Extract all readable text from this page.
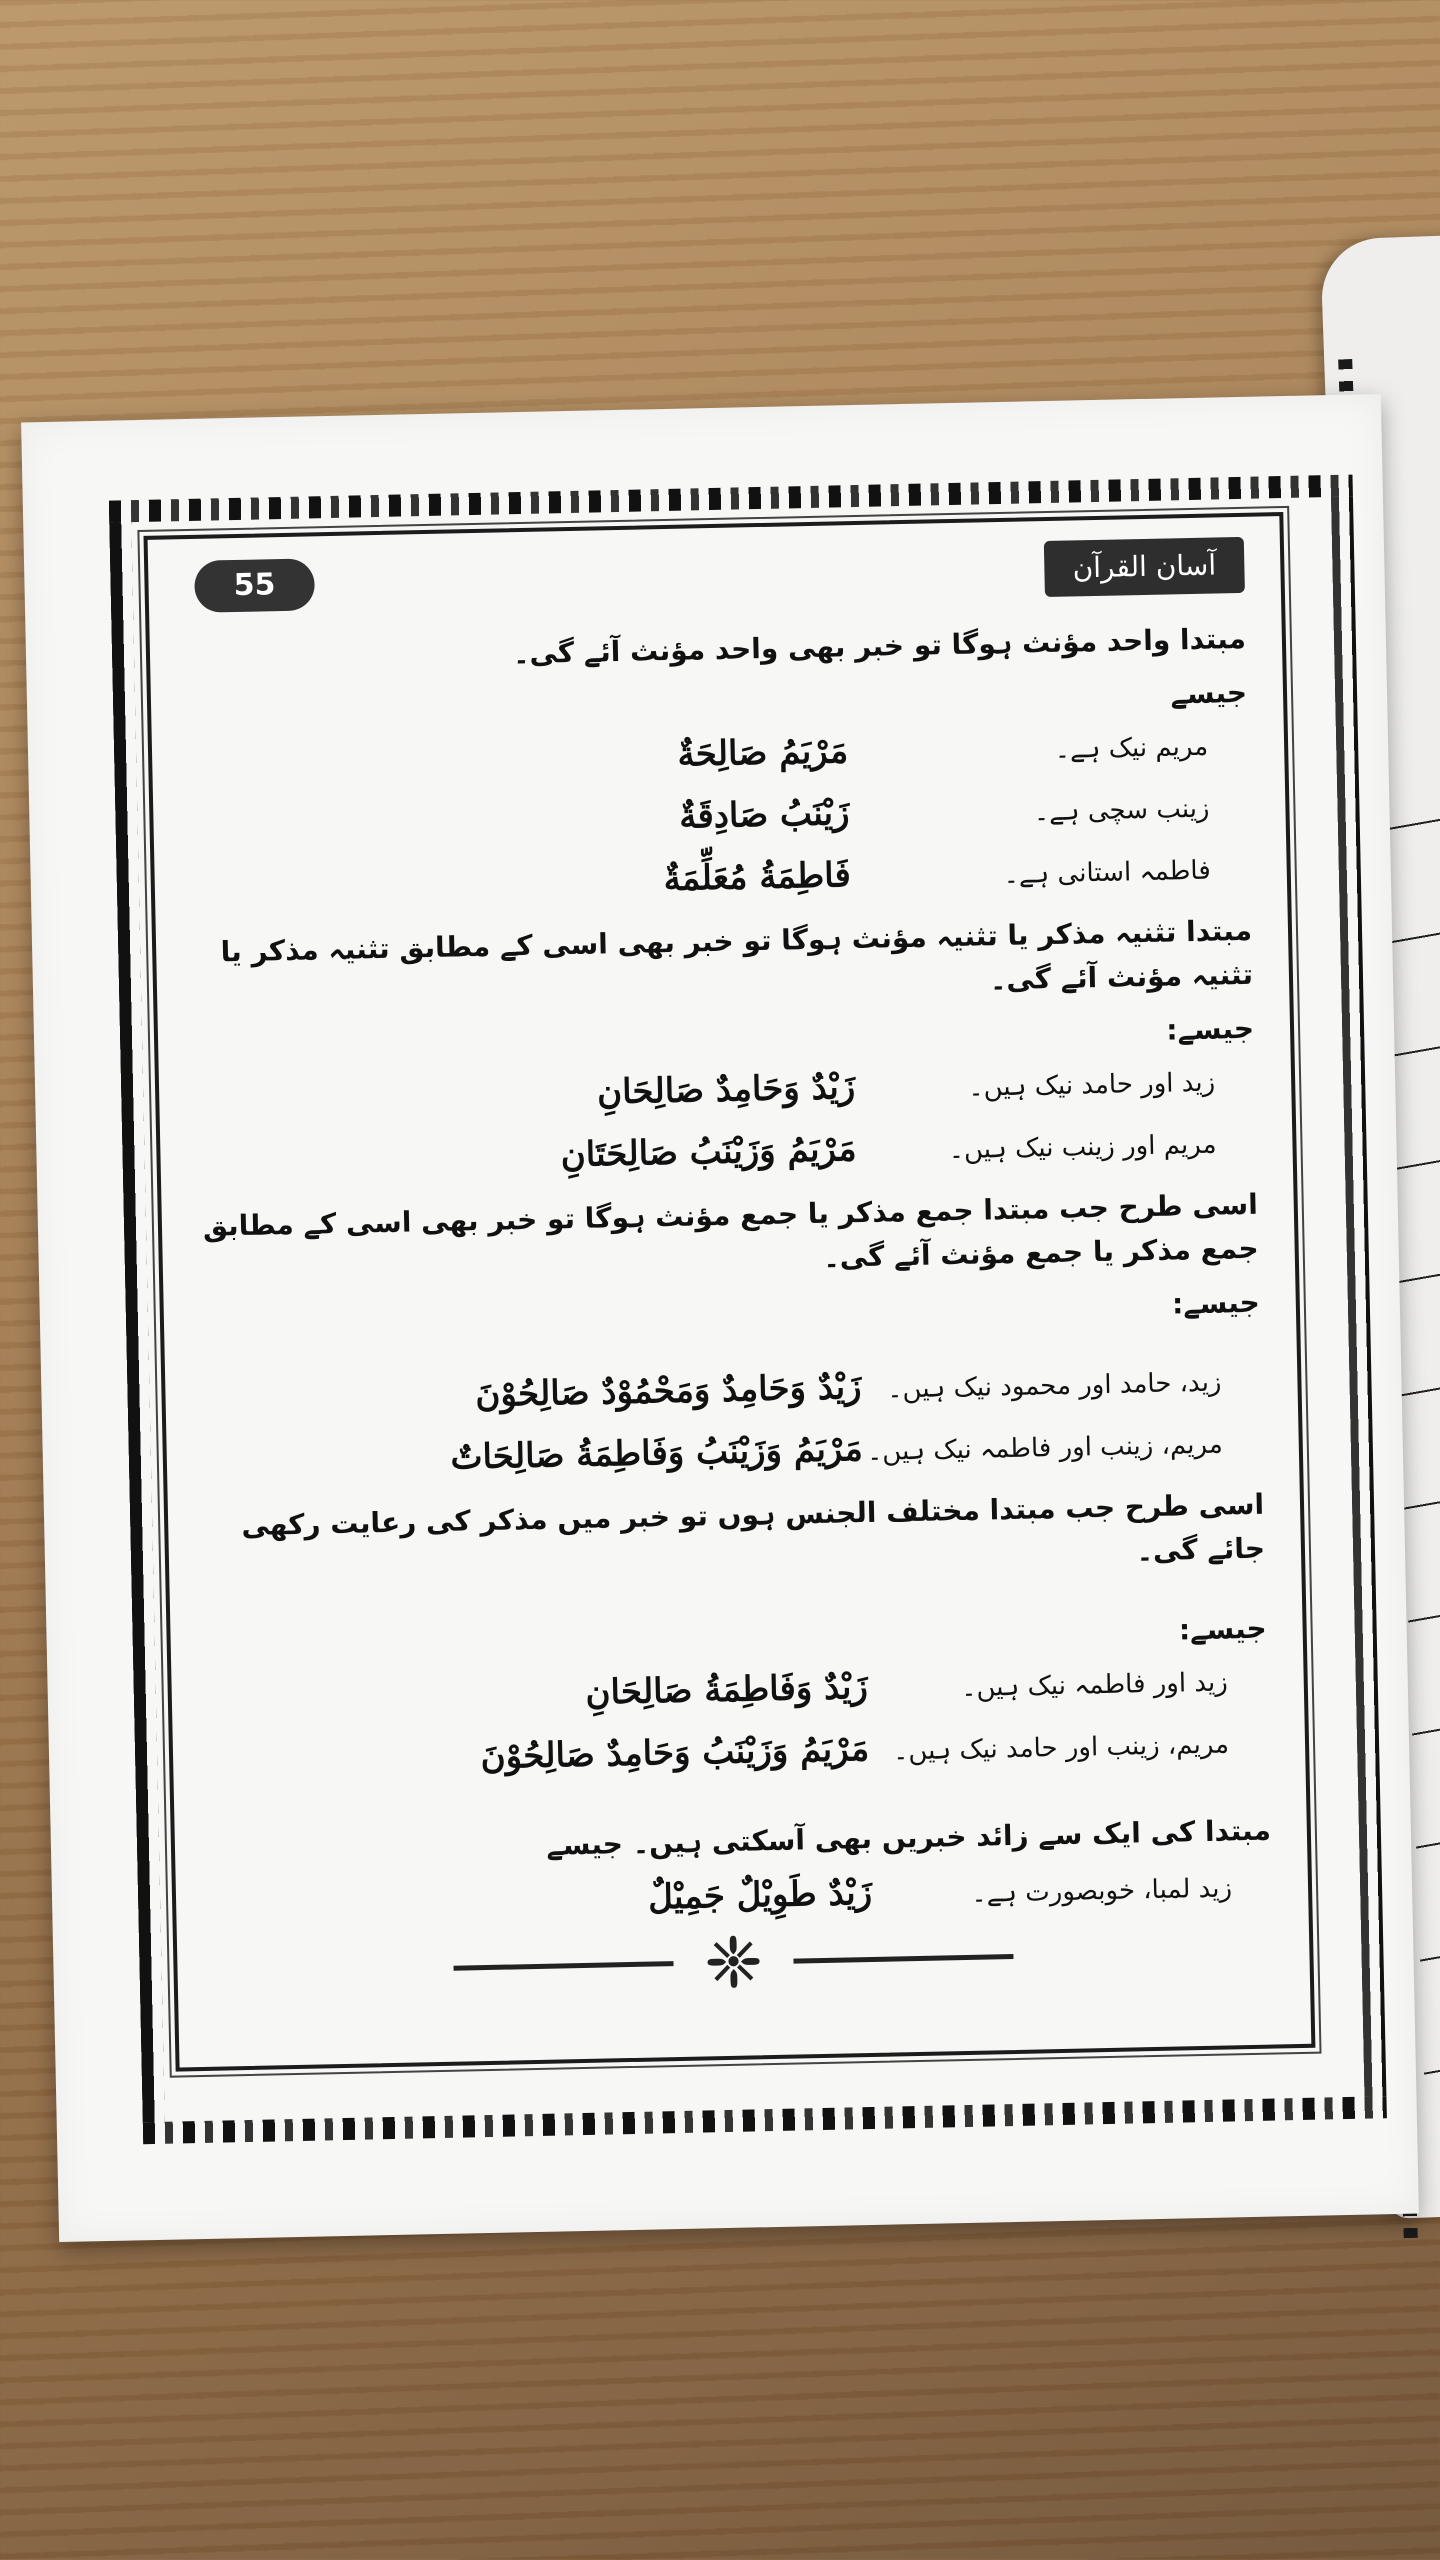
55
آسان القرآن

مبتدا واحد مؤنث ہوگا تو خبر بھی واحد مؤنث آئے گی۔

جیسے

مریم نیک ہے۔
مَرْيَمُ صَالِحَةٌ
زینب سچی ہے۔
زَيْنَبُ صَادِقَةٌ
فاطمہ استانی ہے۔
فَاطِمَةُ مُعَلِّمَةٌ

مبتدا تثنیہ مذکر یا تثنیہ مؤنث ہوگا تو خبر بھی اسی کے مطابق تثنیہ مذکر یا تثنیہ مؤنث آئے گی۔

جیسے:

زید اور حامد نیک ہیں۔
زَيْدٌ وَحَامِدٌ صَالِحَانِ
مریم اور زینب نیک ہیں۔
مَرْيَمُ وَزَيْنَبُ صَالِحَتَانِ

اسی طرح جب مبتدا جمع مذکر یا جمع مؤنث ہوگا تو خبر بھی اسی کے مطابق جمع مذکر یا جمع مؤنث آئے گی۔

جیسے:

زید، حامد اور محمود نیک ہیں۔
زَيْدٌ وَحَامِدٌ وَمَحْمُوْدٌ صَالِحُوْنَ
مریم، زینب اور فاطمہ نیک ہیں۔
مَرْيَمُ وَزَيْنَبُ وَفَاطِمَةُ صَالِحَاتٌ

اسی طرح جب مبتدا مختلف الجنس ہوں تو خبر میں مذکر کی رعایت رکھی جائے گی۔

جیسے:

زید اور فاطمہ نیک ہیں۔
زَيْدٌ وَفَاطِمَةُ صَالِحَانِ
مریم، زینب اور حامد نیک ہیں۔
مَرْيَمُ وَزَيْنَبُ وَحَامِدٌ صَالِحُوْنَ

مبتدا کی ایک سے زائد خبریں بھی آسکتی ہیں۔ جیسے

زید لمبا، خوبصورت ہے۔
زَيْدٌ طَوِيْلٌ جَمِيْلٌ
❈
